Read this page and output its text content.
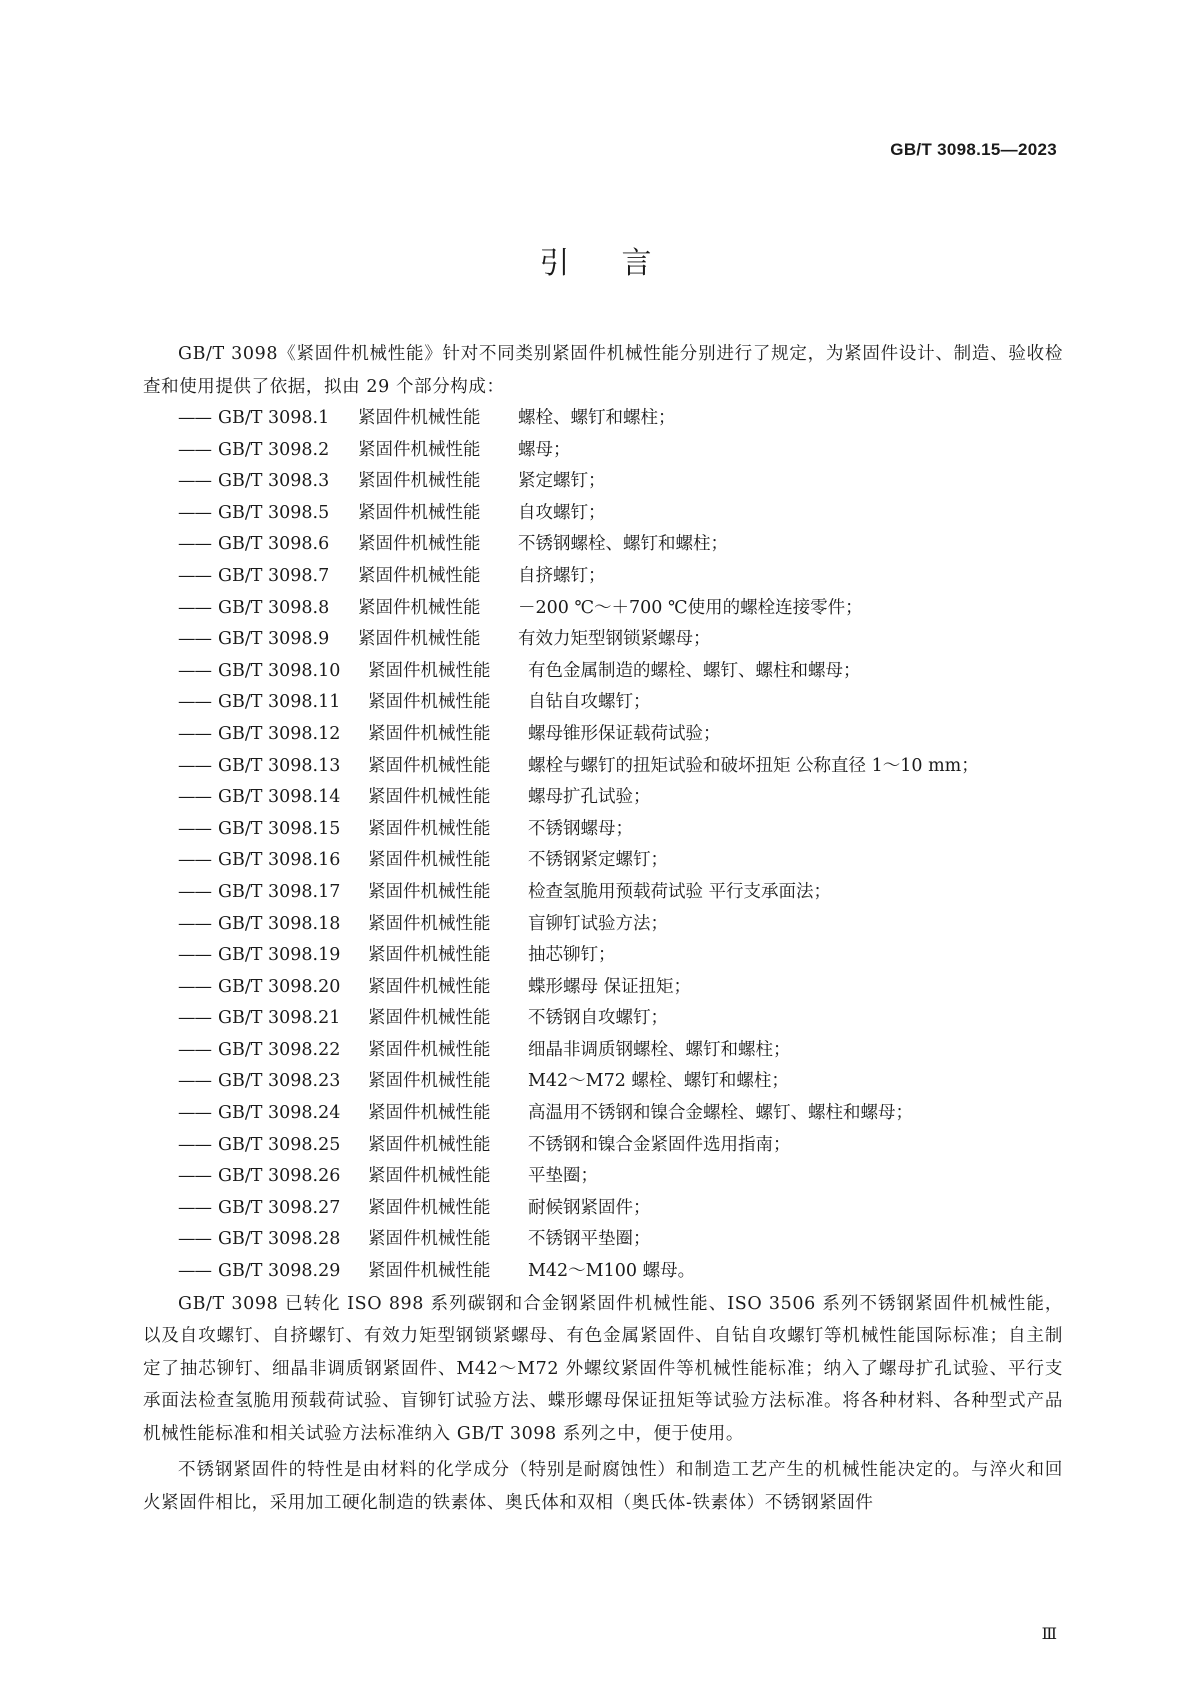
GB/T 3098.15—2023
引言

GB/T 3098《紧固件机械性能》针对不同类别紧固件机械性能分别进行了规定，为紧固件设计、制造、验收检查和使用提供了依据，拟由 29 个部分构成：

—— GB/T 3098.1	紧固件机械性能	螺栓、螺钉和螺柱；
—— GB/T 3098.2	紧固件机械性能	螺母；
—— GB/T 3098.3	紧固件机械性能	紧定螺钉；
—— GB/T 3098.5	紧固件机械性能	自攻螺钉；
—— GB/T 3098.6	紧固件机械性能	不锈钢螺栓、螺钉和螺柱；
—— GB/T 3098.7	紧固件机械性能	自挤螺钉；
—— GB/T 3098.8	紧固件机械性能	－200 ℃～＋700 ℃使用的螺栓连接零件；
—— GB/T 3098.9	紧固件机械性能	有效力矩型钢锁紧螺母；
—— GB/T 3098.10	紧固件机械性能	有色金属制造的螺栓、螺钉、螺柱和螺母；
—— GB/T 3098.11	紧固件机械性能	自钻自攻螺钉；
—— GB/T 3098.12	紧固件机械性能	螺母锥形保证载荷试验；
—— GB/T 3098.13	紧固件机械性能	螺栓与螺钉的扭矩试验和破坏扭矩 公称直径 1～10 mm；
—— GB/T 3098.14	紧固件机械性能	螺母扩孔试验；
—— GB/T 3098.15	紧固件机械性能	不锈钢螺母；
—— GB/T 3098.16	紧固件机械性能	不锈钢紧定螺钉；
—— GB/T 3098.17	紧固件机械性能	检查氢脆用预载荷试验 平行支承面法；
—— GB/T 3098.18	紧固件机械性能	盲铆钉试验方法；
—— GB/T 3098.19	紧固件机械性能	抽芯铆钉；
—— GB/T 3098.20	紧固件机械性能	蝶形螺母 保证扭矩；
—— GB/T 3098.21	紧固件机械性能	不锈钢自攻螺钉；
—— GB/T 3098.22	紧固件机械性能	细晶非调质钢螺栓、螺钉和螺柱；
—— GB/T 3098.23	紧固件机械性能	M42～M72 螺栓、螺钉和螺柱；
—— GB/T 3098.24	紧固件机械性能	高温用不锈钢和镍合金螺栓、螺钉、螺柱和螺母；
—— GB/T 3098.25	紧固件机械性能	不锈钢和镍合金紧固件选用指南；
—— GB/T 3098.26	紧固件机械性能	平垫圈；
—— GB/T 3098.27	紧固件机械性能	耐候钢紧固件；
—— GB/T 3098.28	紧固件机械性能	不锈钢平垫圈；
—— GB/T 3098.29	紧固件机械性能	M42～M100 螺母。

GB/T 3098 已转化 ISO 898 系列碳钢和合金钢紧固件机械性能、ISO 3506 系列不锈钢紧固件机械性能，以及自攻螺钉、自挤螺钉、有效力矩型钢锁紧螺母、有色金属紧固件、自钻自攻螺钉等机械性能国际标准；自主制定了抽芯铆钉、细晶非调质钢紧固件、M42～M72 外螺纹紧固件等机械性能标准；纳入了螺母扩孔试验、平行支承面法检查氢脆用预载荷试验、盲铆钉试验方法、蝶形螺母保证扭矩等试验方法标准。将各种材料、各种型式产品机械性能标准和相关试验方法标准纳入 GB/T 3098 系列之中，便于使用。

不锈钢紧固件的特性是由材料的化学成分（特别是耐腐蚀性）和制造工艺产生的机械性能决定的。与淬火和回火紧固件相比，采用加工硬化制造的铁素体、奥氏体和双相（奥氏体-铁素体）不锈钢紧固件

Ⅲ
